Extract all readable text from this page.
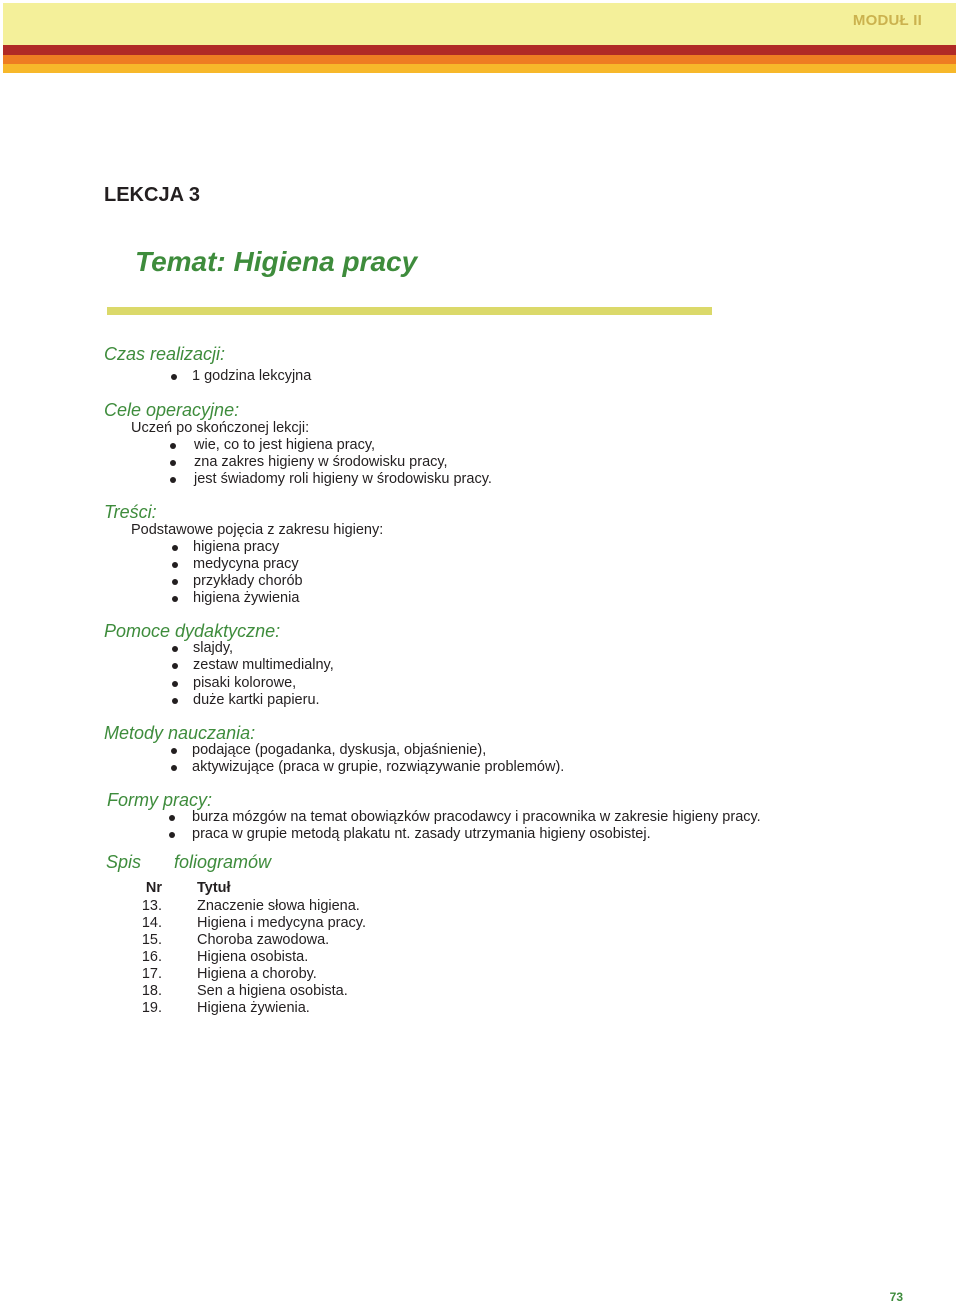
MODUŁ II
LEKCJA 3
Temat: Higiena pracy
Czas realizacji:
1 godzina lekcyjna
Cele operacyjne:
Uczeń po skończonej lekcji:
wie, co to jest higiena pracy,
zna zakres higieny w środowisku pracy,
jest świadomy roli higieny w środowisku pracy.
Treści:
Podstawowe pojęcia z zakresu higieny:
higiena pracy
medycyna pracy
przykłady chorób
higiena żywienia
Pomoce dydaktyczne:
slajdy,
zestaw multimedialny,
pisaki kolorowe,
duże kartki papieru.
Metody nauczania:
podające (pogadanka, dyskusja, objaśnienie),
aktywizujące (praca w grupie, rozwiązywanie problemów).
Formy pracy:
burza mózgów na temat obowiązków pracodawcy i pracownika w zakresie higieny pracy.
praca w grupie metodą plakatu nt. zasady utrzymania higieny osobistej.
Spis foliogramów
Nr Tytuł
13. Znaczenie słowa higiena.
14. Higiena i medycyna pracy.
15. Choroba zawodowa.
16. Higiena osobista.
17. Higiena a choroby.
18. Sen a higiena osobista.
19. Higiena żywienia.
73
